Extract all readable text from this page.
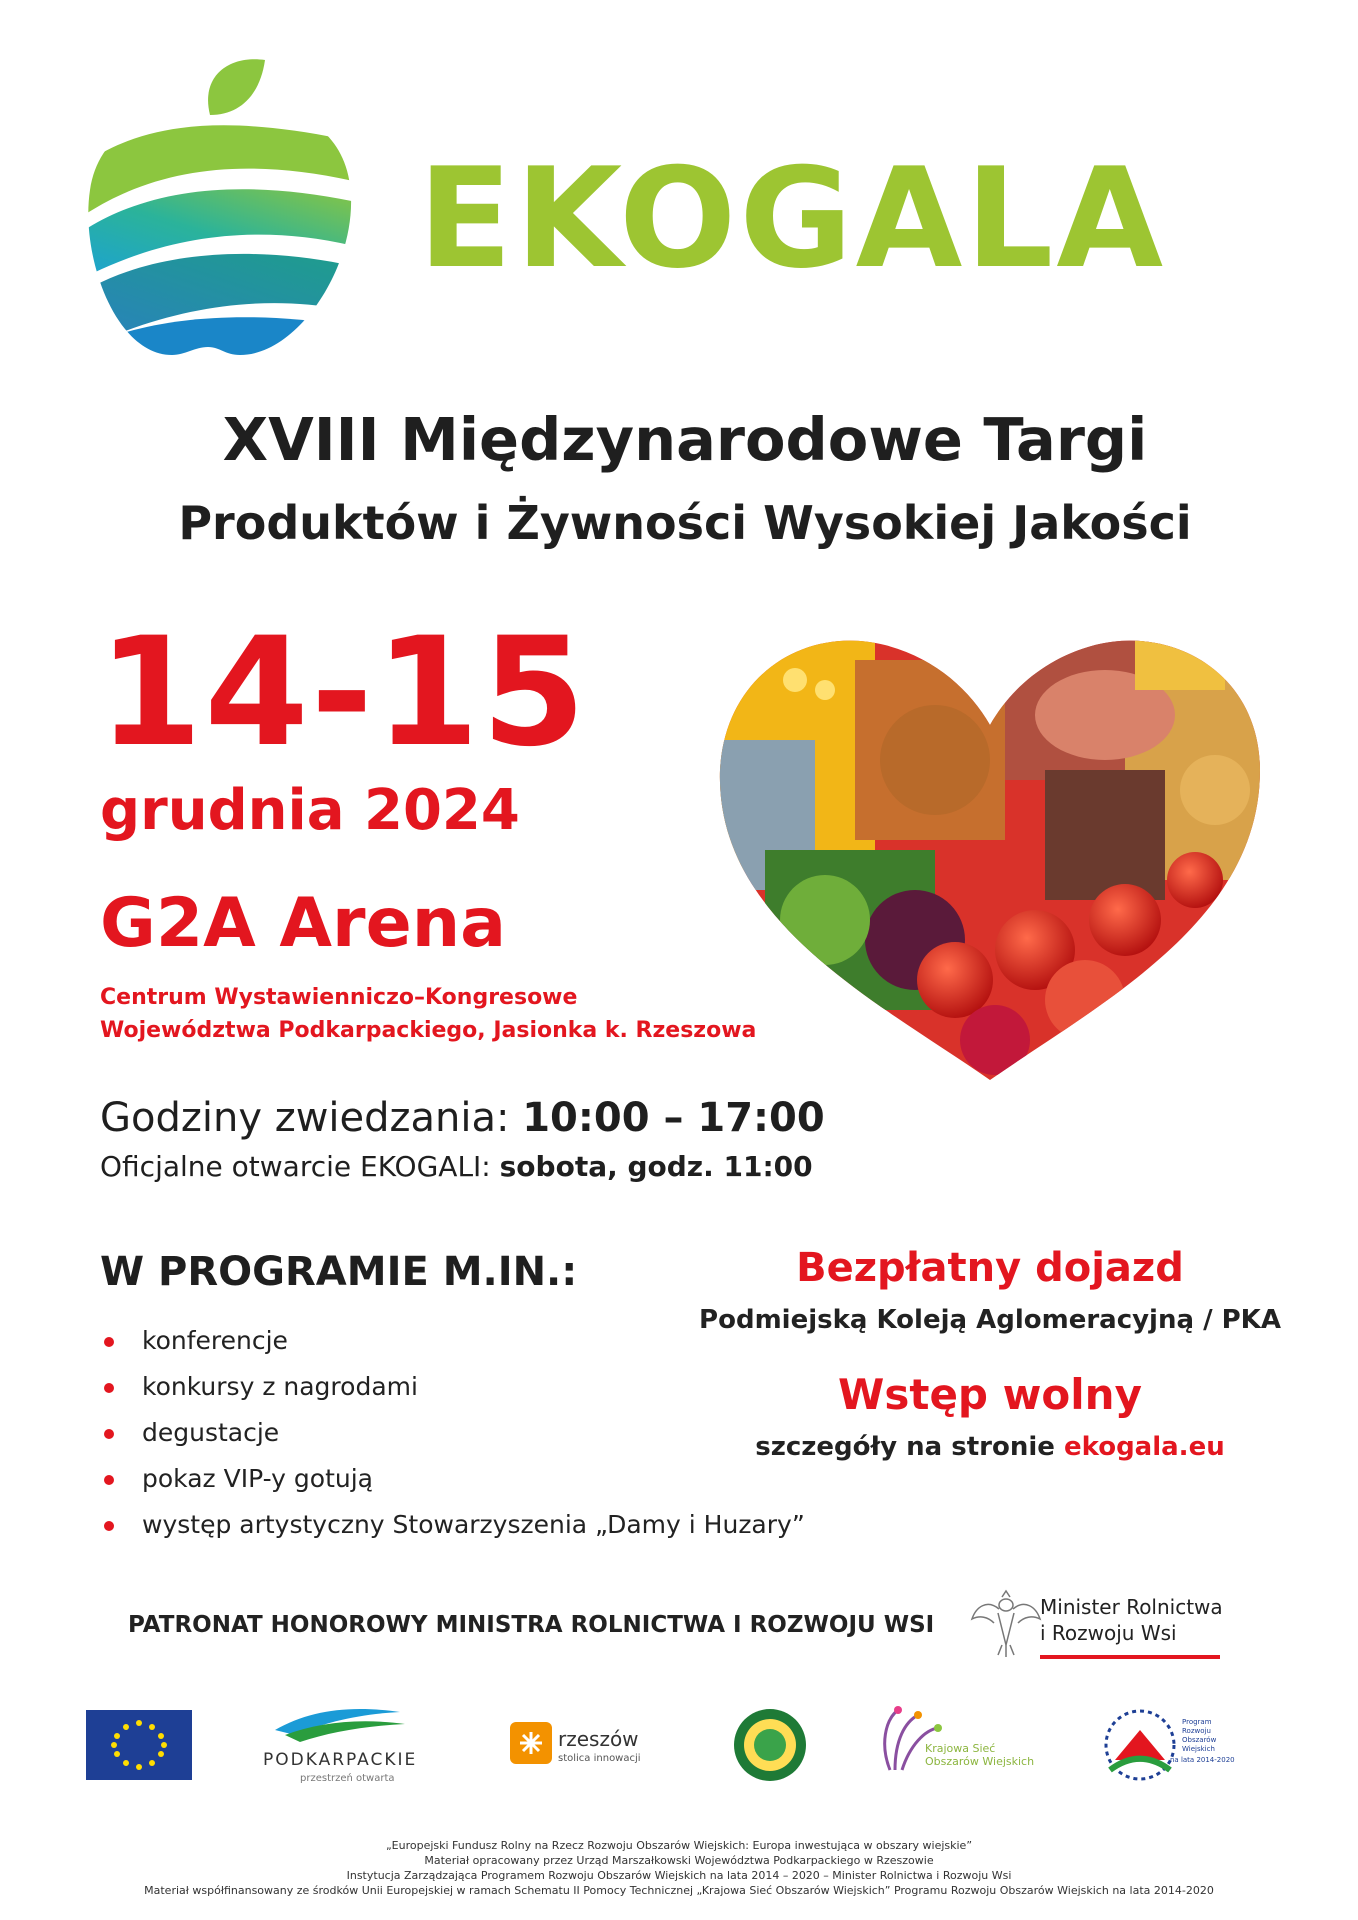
EKOGALA
XVIII Międzynarodowe Targi
Produktów i Żywności Wysokiej Jakości
14-15
grudnia 2024
G2A Arena
Centrum Wystawienniczo–Kongresowe
Województwa Podkarpackiego, Jasionka k. Rzeszowa
Godziny zwiedzania: 10:00 – 17:00
Oficjalne otwarcie EKOGALI: sobota, godz. 11:00
W PROGRAMIE M.IN.:
konferencje
konkursy z nagrodami
degustacje
pokaz VIP-y gotują
występ artystyczny Stowarzyszenia „Damy i Huzary”
Bezpłatny dojazd
Podmiejską Koleją Aglomeracyjną / PKA
Wstęp wolny
szczegóły na stronie ekogala.eu
PATRONAT HONOROWY MINISTRA ROLNICTWA I ROZWOJU WSI
Minister Rolnictwa
i Rozwoju Wsi
PODKARPACKIE
przestrzeń otwarta
rzeszów
stolica innowacji
Krajowa Sieć
Obszarów Wiejskich
Program
Rozwoju
Obszarów
Wiejskich
na lata 2014-2020
„Europejski Fundusz Rolny na Rzecz Rozwoju Obszarów Wiejskich: Europa inwestująca w obszary wiejskie”
Materiał opracowany przez Urząd Marszałkowski Województwa Podkarpackiego w Rzeszowie
Instytucja Zarządzająca Programem Rozwoju Obszarów Wiejskich na lata 2014 – 2020 – Minister Rolnictwa i Rozwoju Wsi
Materiał współfinansowany ze środków Unii Europejskiej w ramach Schematu II Pomocy Technicznej „Krajowa Sieć Obszarów Wiejskich” Programu Rozwoju Obszarów Wiejskich na lata 2014-2020
